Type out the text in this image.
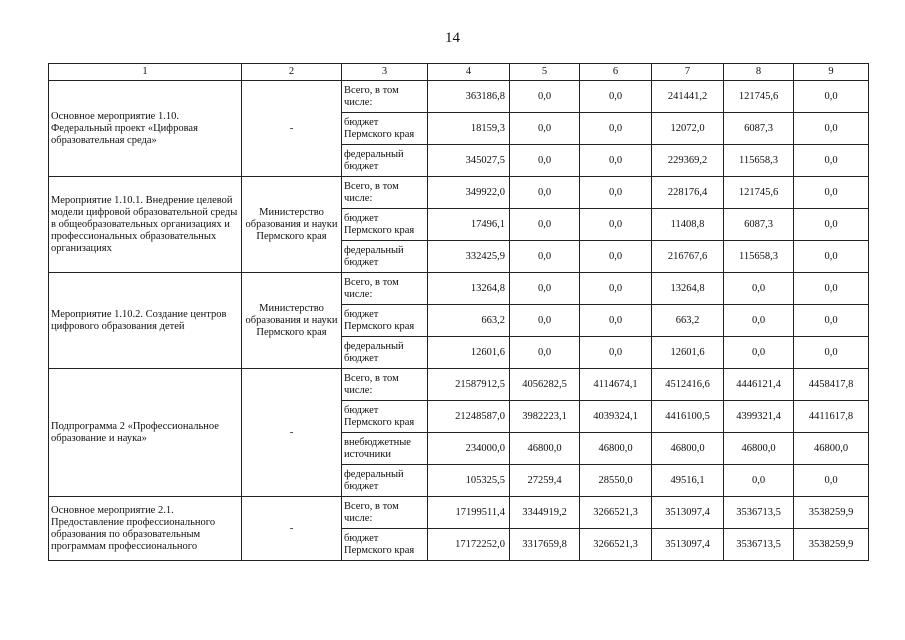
14
1	2	3	4	5	6	7	8	9
Основное мероприятие 1.10. Федеральный проект «Цифровая образовательная среда»	-	Всего, в том числе:	363186,8	0,0	0,0	241441,2	121745,6	0,0
		бюджет Пермского края	18159,3	0,0	0,0	12072,0	6087,3	0,0
		федеральный бюджет	345027,5	0,0	0,0	229369,2	115658,3	0,0
Мероприятие 1.10.1. Внедрение целевой модели цифровой образовательной среды в общеобразовательных организациях и профессиональных образовательных организациях	Министерство образования и науки Пермского края	Всего, в том числе:	349922,0	0,0	0,0	228176,4	121745,6	0,0
		бюджет Пермского края	17496,1	0,0	0,0	11408,8	6087,3	0,0
		федеральный бюджет	332425,9	0,0	0,0	216767,6	115658,3	0,0
Мероприятие 1.10.2. Создание центров цифрового образования детей	Министерство образования и науки Пермского края	Всего, в том числе:	13264,8	0,0	0,0	13264,8	0,0	0,0
		бюджет Пермского края	663,2	0,0	0,0	663,2	0,0	0,0
		федеральный бюджет	12601,6	0,0	0,0	12601,6	0,0	0,0
Подпрограмма 2 «Профессиональное образование и наука»	-	Всего, в том числе:	21587912,5	4056282,5	4114674,1	4512416,6	4446121,4	4458417,8
		бюджет Пермского края	21248587,0	3982223,1	4039324,1	4416100,5	4399321,4	4411617,8
		внебюджетные источники	234000,0	46800,0	46800,0	46800,0	46800,0	46800,0
		федеральный бюджет	105325,5	27259,4	28550,0	49516,1	0,0	0,0
Основное мероприятие 2.1. Предоставление профессионального образования по образовательным программам профессионального	-	Всего, в том числе:	17199511,4	3344919,2	3266521,3	3513097,4	3536713,5	3538259,9
		бюджет Пермского края	17172252,0	3317659,8	3266521,3	3513097,4	3536713,5	3538259,9
